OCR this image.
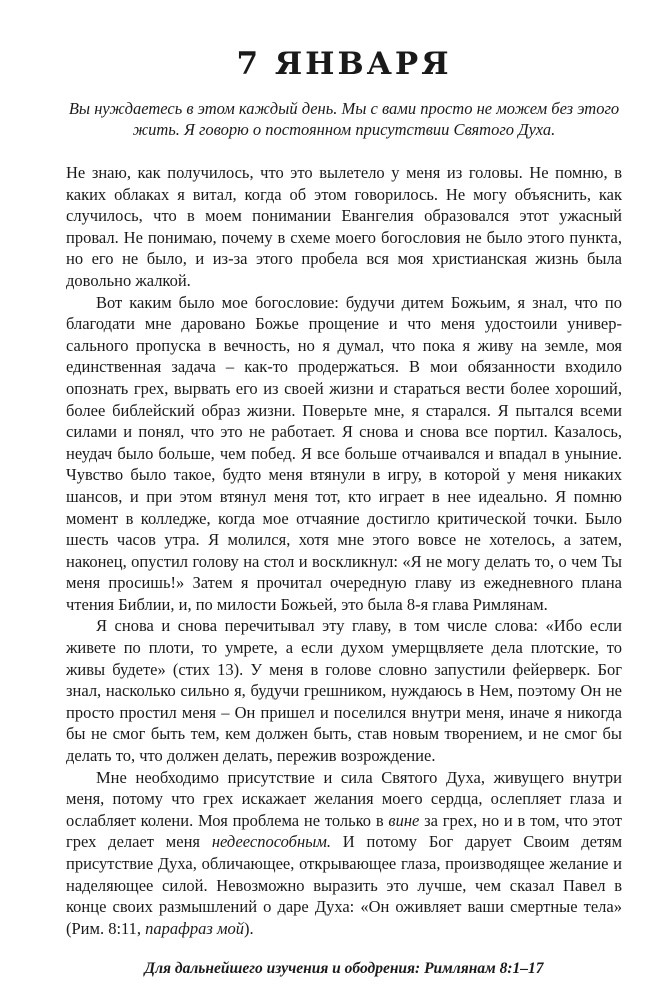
7 ЯНВАРЯ

Вы нуждаетесь в этом каждый день. Мы с вами просто не можем без этого жить. Я говорю о постоянном присутствии Святого Духа.

Не знаю, как получилось, что это вылетело у меня из головы. Не помню, в каких облаках я витал, когда об этом говорилось. Не могу объяснить, как случилось, что в моем понимании Евангелия образовался этот ужасный провал. Не понимаю, почему в схеме моего богословия не было этого пункта, но его не было, и из-за этого пробела вся моя христианская жизнь была довольно жалкой.

Вот каким было мое богословие: будучи дитем Божьим, я знал, что по благодати мне даровано Божье прощение и что меня удостоили универсального пропуска в вечность, но я думал, что пока я живу на земле, моя единственная задача – как-то продержаться. В мои обязанности входило опознать грех, вырвать его из своей жизни и стараться вести более хороший, более библейский образ жизни. Поверьте мне, я старался. Я пытался всеми силами и понял, что это не работает. Я снова и снова все портил. Казалось, неудач было больше, чем побед. Я все больше отчаивался и впадал в уныние. Чувство было такое, будто меня втянули в игру, в которой у меня никаких шансов, и при этом втянул меня тот, кто играет в нее идеально. Я помню момент в колледже, когда мое отчаяние достигло критической точки. Было шесть часов утра. Я молился, хотя мне этого вовсе не хотелось, а затем, наконец, опустил голову на стол и воскликнул: «Я не могу делать то, о чем Ты меня просишь!» Затем я прочитал очередную главу из ежедневного плана чтения Библии, и, по милости Божьей, это была 8-я глава Римлянам.

Я снова и снова перечитывал эту главу, в том числе слова: «Ибо если живете по плоти, то умрете, а если духом умерщвляете дела плотские, то живы будете» (стих 13). У меня в голове словно запустили фейерверк. Бог знал, насколько сильно я, будучи грешником, нуждаюсь в Нем, поэтому Он не просто простил меня – Он пришел и поселился внутри меня, иначе я никогда бы не смог быть тем, кем должен быть, став новым творением, и не смог бы делать то, что должен делать, пережив возрождение.

Мне необходимо присутствие и сила Святого Духа, живущего внутри меня, потому что грех искажает желания моего сердца, ослепляет глаза и ослабляет колени. Моя проблема не только в вине за грех, но и в том, что этот грех делает меня недееспособным. И потому Бог дарует Своим детям присутствие Духа, обличающее, открывающее глаза, производящее желание и наделяющее силой. Невозможно выразить это лучше, чем сказал Павел в конце своих размышлений о даре Духа: «Он оживляет ваши смертные тела» (Рим. 8:11, парафраз мой).

Для дальнейшего изучения и ободрения: Римлянам 8:1–17
